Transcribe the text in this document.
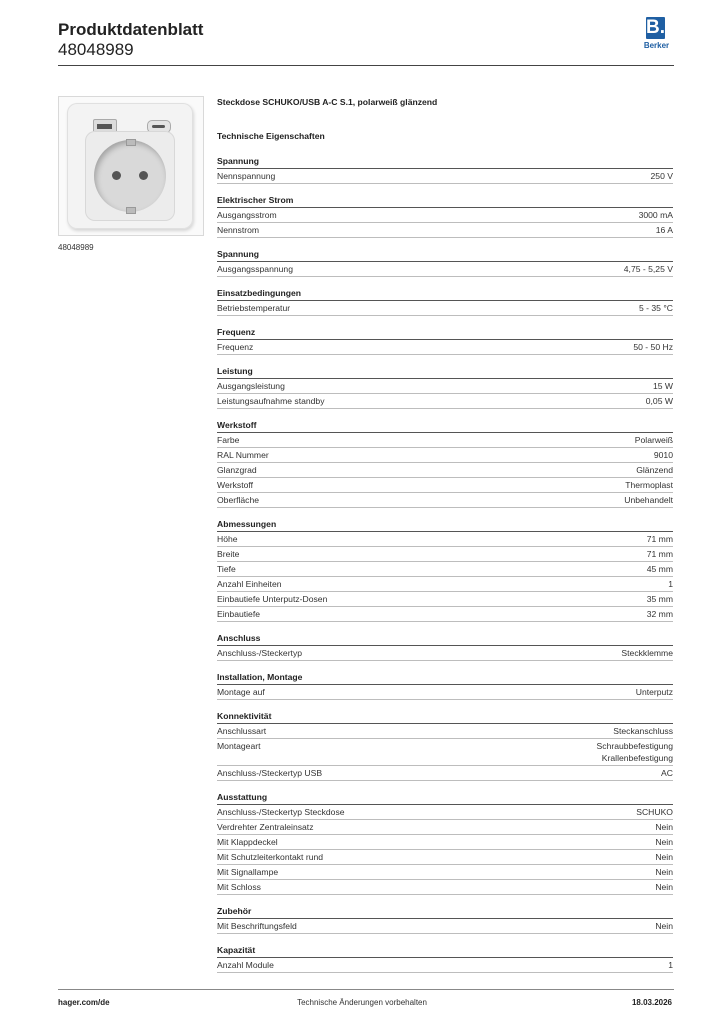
Produktdatenblatt
48048989
B.
Berker
48048989
Steckdose SCHUKO/USB A-C S.1, polarweiß glänzend
Technische Eigenschaften
Spannung
Nennspannung	250 V
Elektrischer Strom
Ausgangsstrom	3000 mA
Nennstrom	16 A
Spannung
Ausgangsspannung	4,75 - 5,25 V
Einsatzbedingungen
Betriebstemperatur	5 - 35 °C
Frequenz
Frequenz	50 - 50 Hz
Leistung
Ausgangsleistung	15 W
Leistungsaufnahme standby	0,05 W
Werkstoff
Farbe	Polarweiß
RAL Nummer	9010
Glanzgrad	Glänzend
Werkstoff	Thermoplast
Oberfläche	Unbehandelt
Abmessungen
Höhe	71 mm
Breite	71 mm
Tiefe	45 mm
Anzahl Einheiten	1
Einbautiefe Unterputz-Dosen	35 mm
Einbautiefe	32 mm
Anschluss
Anschluss-/Steckertyp	Steckklemme
Installation, Montage
Montage auf	Unterputz
Konnektivität
Anschlussart	Steckanschluss
Montageart	Schraubbefestigung
Krallenbefestigung
Anschluss-/Steckertyp USB	AC
Ausstattung
Anschluss-/Steckertyp Steckdose	SCHUKO
Verdrehter Zentraleinsatz	Nein
Mit Klappdeckel	Nein
Mit Schutzleiterkontakt rund	Nein
Mit Signallampe	Nein
Mit Schloss	Nein
Zubehör
Mit Beschriftungsfeld	Nein
Kapazität
Anzahl Module	1
hager.com/de	Technische Änderungen vorbehalten	18.03.2026
